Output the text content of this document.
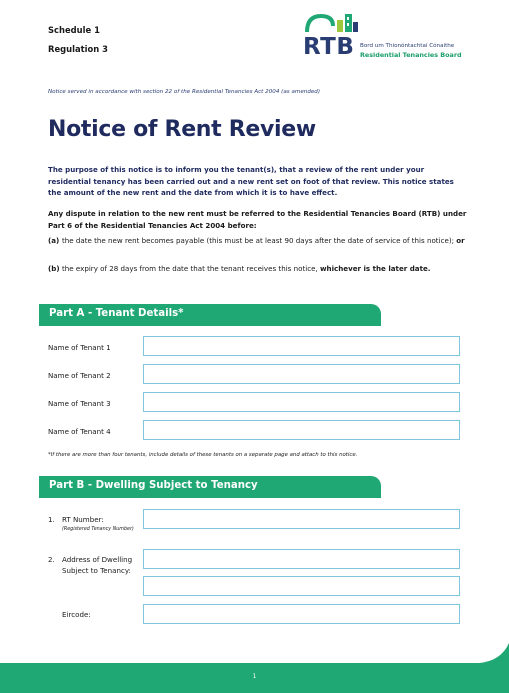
Schedule 1
Regulation 3	RTB Bord um Thionóntachtaí Cónaithe
Residential Tenancies Board
Notice served in accordance with section 22 of the Residential Tenancies Act 2004 (as amended)
Notice of Rent Review

The purpose of this notice is to inform you the tenant(s), that a review of the rent under your residential tenancy has been carried out and a new rent set on foot of that review. This notice states the amount of the new rent and the date from which it is to have effect.

Any dispute in relation to the new rent must be referred to the Residential Tenancies Board (RTB) under Part 6 of the Residential Tenancies Act 2004 before:

(a) the date the new rent becomes payable (this must be at least 90 days after the date of service of this notice); or
(b) the expiry of 28 days from the date that the tenant receives this notice, whichever is the later date.
Part A - Tenant Details*
Name of Tenant 1
Name of Tenant 2
Name of Tenant 3
Name of Tenant 4
*If there are more than four tenants, include details of these tenants on a separate page and attach to this notice.
Part B - Dwelling Subject to Tenancy
1. RT Number:
(Registered Tenancy Number)
2. Address of Dwelling
Subject to Tenancy:
Eircode:
1
